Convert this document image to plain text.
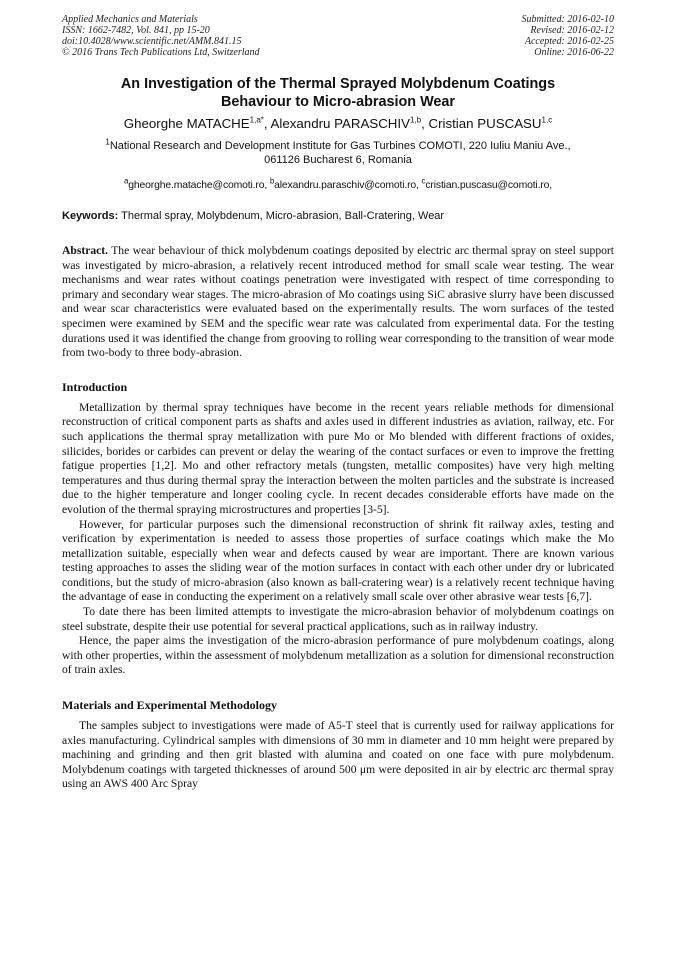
Applied Mechanics and Materials
ISSN: 1662-7482, Vol. 841, pp 15-20
doi:10.4028/www.scientific.net/AMM.841.15
© 2016 Trans Tech Publications Ltd, Switzerland
Submitted: 2016-02-10
Revised: 2016-02-12
Accepted: 2016-02-25
Online: 2016-06-22
An Investigation of the Thermal Sprayed Molybdenum Coatings
Behaviour to Micro-abrasion Wear
Gheorghe $MATACHE^{1,a*}$, Alexandru PARASCHIV$^{1,b}$, Cristian PUSCASU$^{1,c}$
$^1$National Research and Development Institute for Gas Turbines COMOTI, 220 Iuliu Maniu Ave.,
061126 Bucharest 6, Romania
$^a$gheorghe.matache@comoti.ro, $^b$alexandru.paraschiv@comoti.ro, $^c$cristian.puscasu@comoti.ro,
Keywords: Thermal spray, Molybdenum, Micro-abrasion, Ball-Cratering, Wear

Abstract. The wear behaviour of thick molybdenum coatings deposited by electric arc thermal spray on steel support was investigated by micro-abrasion, a relatively recent introduced method for small scale wear testing. The wear mechanisms and wear rates without coatings penetration were investigated with respect of time corresponding to primary and secondary wear stages. The micro-abrasion of Mo coatings using SiC abrasive slurry have been discussed and wear scar characteristics were evaluated based on the experimentally results. The worn surfaces of the tested specimen were examined by SEM and the specific wear rate was calculated from experimental data. For the testing durations used it was identified the change from grooving to rolling wear corresponding to the transition of wear mode from two-body to three body-abrasion.

Introduction

Metallization by thermal spray techniques have become in the recent years reliable methods for dimensional reconstruction of critical component parts as shafts and axles used in different industries as aviation, railway, etc. For such applications the thermal spray metallization with pure Mo or Mo blended with different fractions of oxides, silicides, borides or carbides can prevent or delay the wearing of the contact surfaces or even to improve the fretting fatigue properties [1,2]. Mo and other refractory metals (tungsten, metallic composites) have very high melting temperatures and thus during thermal spray the interaction between the molten particles and the substrate is increased due to the higher temperature and longer cooling cycle. In recent decades considerable efforts have made on the evolution of the thermal spraying microstructures and properties [3-5].

However, for particular purposes such the dimensional reconstruction of shrink fit railway axles, testing and verification by experimentation is needed to assess those properties of surface coatings which make the Mo metallization suitable, especially when wear and defects caused by wear are important. There are known various testing approaches to asses the sliding wear of the motion surfaces in contact with each other under dry or lubricated conditions, but the study of micro-abrasion (also known as ball-cratering wear) is a relatively recent technique having the advantage of ease in conducting the experiment on a relatively small scale over other abrasive wear tests [6,7].

To date there has been limited attempts to investigate the micro-abrasion behavior of molybdenum coatings on steel substrate, despite their use potential for several practical applications, such as in railway industry.

Hence, the paper aims the investigation of the micro-abrasion performance of pure molybdenum coatings, along with other properties, within the assessment of molybdenum metallization as a solution for dimensional reconstruction of train axles.

Materials and Experimental Methodology

The samples subject to investigations were made of A5-T steel that is currently used for railway applications for axles manufacturing. Cylindrical samples with dimensions of 30 mm in diameter and 10 mm height were prepared by machining and grinding and then grit blasted with alumina and coated on one face with pure molybdenum. Molybdenum coatings with targeted thicknesses of around 500 μm were deposited in air by electric arc thermal spray using an AWS 400 Arc Spray
